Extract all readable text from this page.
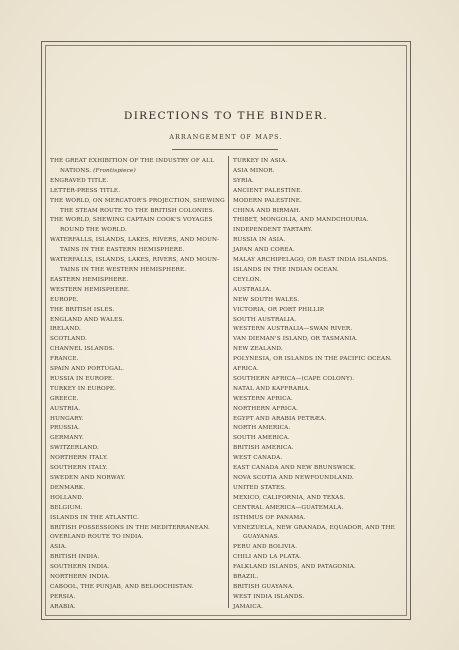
DIRECTIONS TO THE BINDER.
ARRANGEMENT OF MAPS.
THE GREAT EXHIBITION OF THE INDUSTRY OF ALL
NATIONS. (Frontispiece)
ENGRAVED TITLE.
LETTER-PRESS TITLE.
THE WORLD, ON MERCATOR'S PROJECTION, SHEWING
THE STEAM ROUTE TO THE BRITISH COLONIES.
THE WORLD, SHEWING CAPTAIN COOK'S VOYAGES
ROUND THE WORLD.
WATERFALLS, ISLANDS, LAKES, RIVERS, AND MOUN-
TAINS IN THE EASTERN HEMISPHERE.
WATERFALLS, ISLANDS, LAKES, RIVERS, AND MOUN-
TAINS IN THE WESTERN HEMISPHERE.
EASTERN HEMISPHERE.
WESTERN HEMISPHERE.
EUROPE.
THE BRITISH ISLES.
ENGLAND AND WALES.
IRELAND.
SCOTLAND.
CHANNEL ISLANDS.
FRANCE.
SPAIN AND PORTUGAL.
RUSSIA IN EUROPE.
TURKEY IN EUROPE.
GREECE.
AUSTRIA.
HUNGARY.
PRUSSIA.
GERMANY.
SWITZERLAND.
NORTHERN ITALY.
SOUTHERN ITALY.
SWEDEN AND NORWAY.
DENMARK.
HOLLAND.
BELGIUM.
ISLANDS IN THE ATLANTIC.
BRITISH POSSESSIONS IN THE MEDITERRANEAN.
OVERLAND ROUTE TO INDIA.
ASIA.
BRITISH INDIA.
SOUTHERN INDIA.
NORTHERN INDIA.
CABOOL, THE PUNJAB, AND BELOOCHISTAN.
PERSIA.
ARABIA.
TURKEY IN ASIA.
ASIA MINOR.
SYRIA.
ANCIENT PALESTINE.
MODERN PALESTINE.
CHINA AND BIRMAH.
THIBET, MONGOLIA, AND MANDCHOURIA.
INDEPENDENT TARTARY.
RUSSIA IN ASIA.
JAPAN AND COREA.
MALAY ARCHIPELAGO, OR EAST INDIA ISLANDS.
ISLANDS IN THE INDIAN OCEAN.
CEYLON.
AUSTRALIA.
NEW SOUTH WALES.
VICTORIA, OR PORT PHILLIP.
SOUTH AUSTRALIA.
WESTERN AUSTRALIA—SWAN RIVER.
VAN DIEMAN'S ISLAND, OR TASMANIA.
NEW ZEALAND.
POLYNESIA, OR ISLANDS IN THE PACIFIC OCEAN.
AFRICA.
SOUTHERN AFRICA—(CAPE COLONY).
NATAL AND KAFFRARIA.
WESTERN AFRICA.
NORTHERN AFRICA.
EGYPT AND ARABIA PETRÆA.
NORTH AMERICA.
SOUTH AMERICA.
BRITISH AMERICA.
WEST CANADA.
EAST CANADA AND NEW BRUNSWICK.
NOVA SCOTIA AND NEWFOUNDLAND.
UNITED STATES.
MEXICO, CALIFORNIA, AND TEXAS.
CENTRAL AMERICA—GUATEMALA.
ISTHMUS OF PANAMA.
VENEZUELA, NEW GRANADA, EQUADOR, AND THE
GUAYANAS.
PERU AND BOLIVIA.
CHILI AND LA PLATA.
FALKLAND ISLANDS, AND PATAGONIA.
BRAZIL.
BRITISH GUAYANA.
WEST INDIA ISLANDS.
JAMAICA.
